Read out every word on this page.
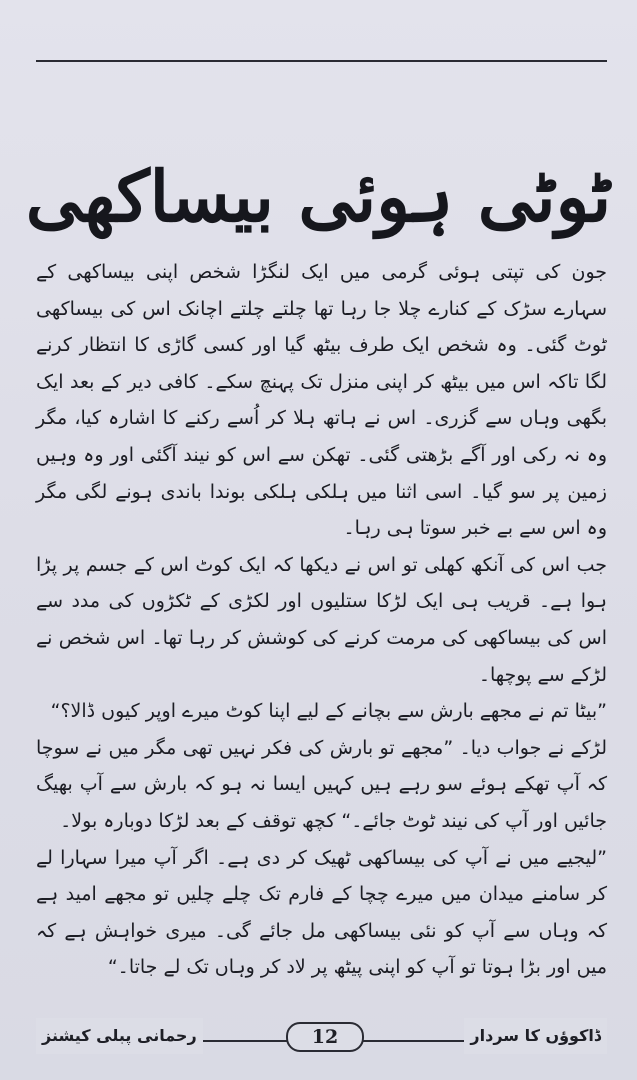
ٹوٹی ہوئی بیساکھی

جون کی تپتی ہوئی گرمی میں ایک لنگڑا شخص اپنی بیساکھی کے سہارے سڑک کے کنارے چلا جا رہا تھا چلتے چلتے اچانک اس کی بیساکھی ٹوٹ گئی۔ وہ شخص ایک طرف بیٹھ گیا اور کسی گاڑی کا انتظار کرنے لگا تاکہ اس میں بیٹھ کر اپنی منزل تک پہنچ سکے۔ کافی دیر کے بعد ایک بگھی وہاں سے گزری۔ اس نے ہاتھ ہلا کر اُسے رکنے کا اشارہ کیا، مگر وہ نہ رکی اور آگے بڑھتی گئی۔ تھکن سے اس کو نیند آگئی اور وہ وہیں زمین پر سو گیا۔ اسی اثنا میں ہلکی ہلکی بوندا باندی ہونے لگی مگر وہ اس سے بے خبر سوتا ہی رہا۔

جب اس کی آنکھ کھلی تو اس نے دیکھا کہ ایک کوٹ اس کے جسم پر پڑا ہوا ہے۔ قریب ہی ایک لڑکا ستلیوں اور لکڑی کے ٹکڑوں کی مدد سے اس کی بیساکھی کی مرمت کرنے کی کوشش کر رہا تھا۔ اس شخص نے لڑکے سے پوچھا۔

”بیٹا تم نے مجھے بارش سے بچانے کے لیے اپنا کوٹ میرے اوپر کیوں ڈالا؟“

لڑکے نے جواب دیا۔ ”مجھے تو بارش کی فکر نہیں تھی مگر میں نے سوچا کہ آپ تھکے ہوئے سو رہے ہیں کہیں ایسا نہ ہو کہ بارش سے آپ بھیگ جائیں اور آپ کی نیند ٹوٹ جائے۔“ کچھ توقف کے بعد لڑکا دوبارہ بولا۔

”لیجیے میں نے آپ کی بیساکھی ٹھیک کر دی ہے۔ اگر آپ میرا سہارا لے کر سامنے میدان میں میرے چچا کے فارم تک چلے چلیں تو مجھے امید ہے کہ وہاں سے آپ کو نئی بیساکھی مل جائے گی۔ میری خواہش ہے کہ میں اور بڑا ہوتا تو آپ کو اپنی پیٹھ پر لاد کر وہاں تک لے جاتا۔“

رحمانی پبلی کیشنز	12	ڈاکوؤں کا سردار
